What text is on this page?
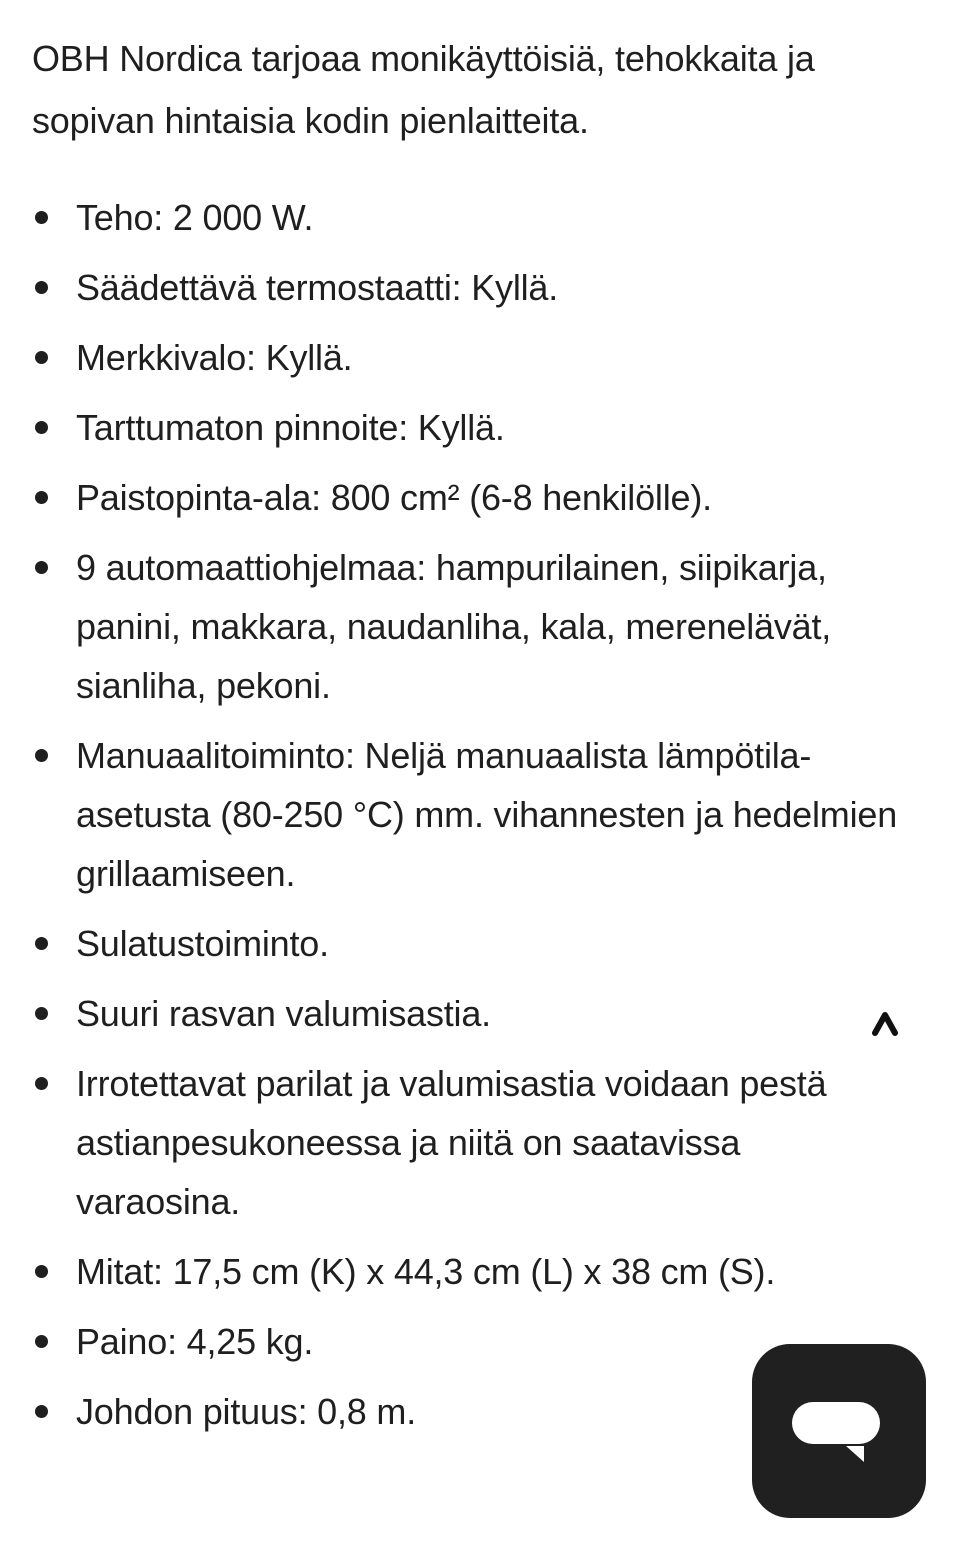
OBH Nordica tarjoaa monikäyttöisiä, tehokkaita ja sopivan hintaisia kodin pienlaitteita.

Teho: 2 000 W.
Säädettävä termostaatti: Kyllä.
Merkkivalo: Kyllä.
Tarttumaton pinnoite: Kyllä.
Paistopinta-ala: 800 cm² (6-8 henkilölle).
9 automaattiohjelmaa: hampurilainen, siipikarja, panini, makkara, naudanliha, kala, merenelävät, sianliha, pekoni.
Manuaalitoiminto: Neljä manuaalista lämpötila-asetusta (80-250 °C) mm. vihannesten ja hedelmien grillaamiseen.
Sulatustoiminto.
Suuri rasvan valumisastia.
Irrotettavat parilat ja valumisastia voidaan pestä astianpesukoneessa ja niitä on saatavissa varaosina.
Mitat: 17,5 cm (K) x 44,3 cm (L) x 38 cm (S).
Paino: 4,25 kg.
Johdon pituus: 0,8 m.
